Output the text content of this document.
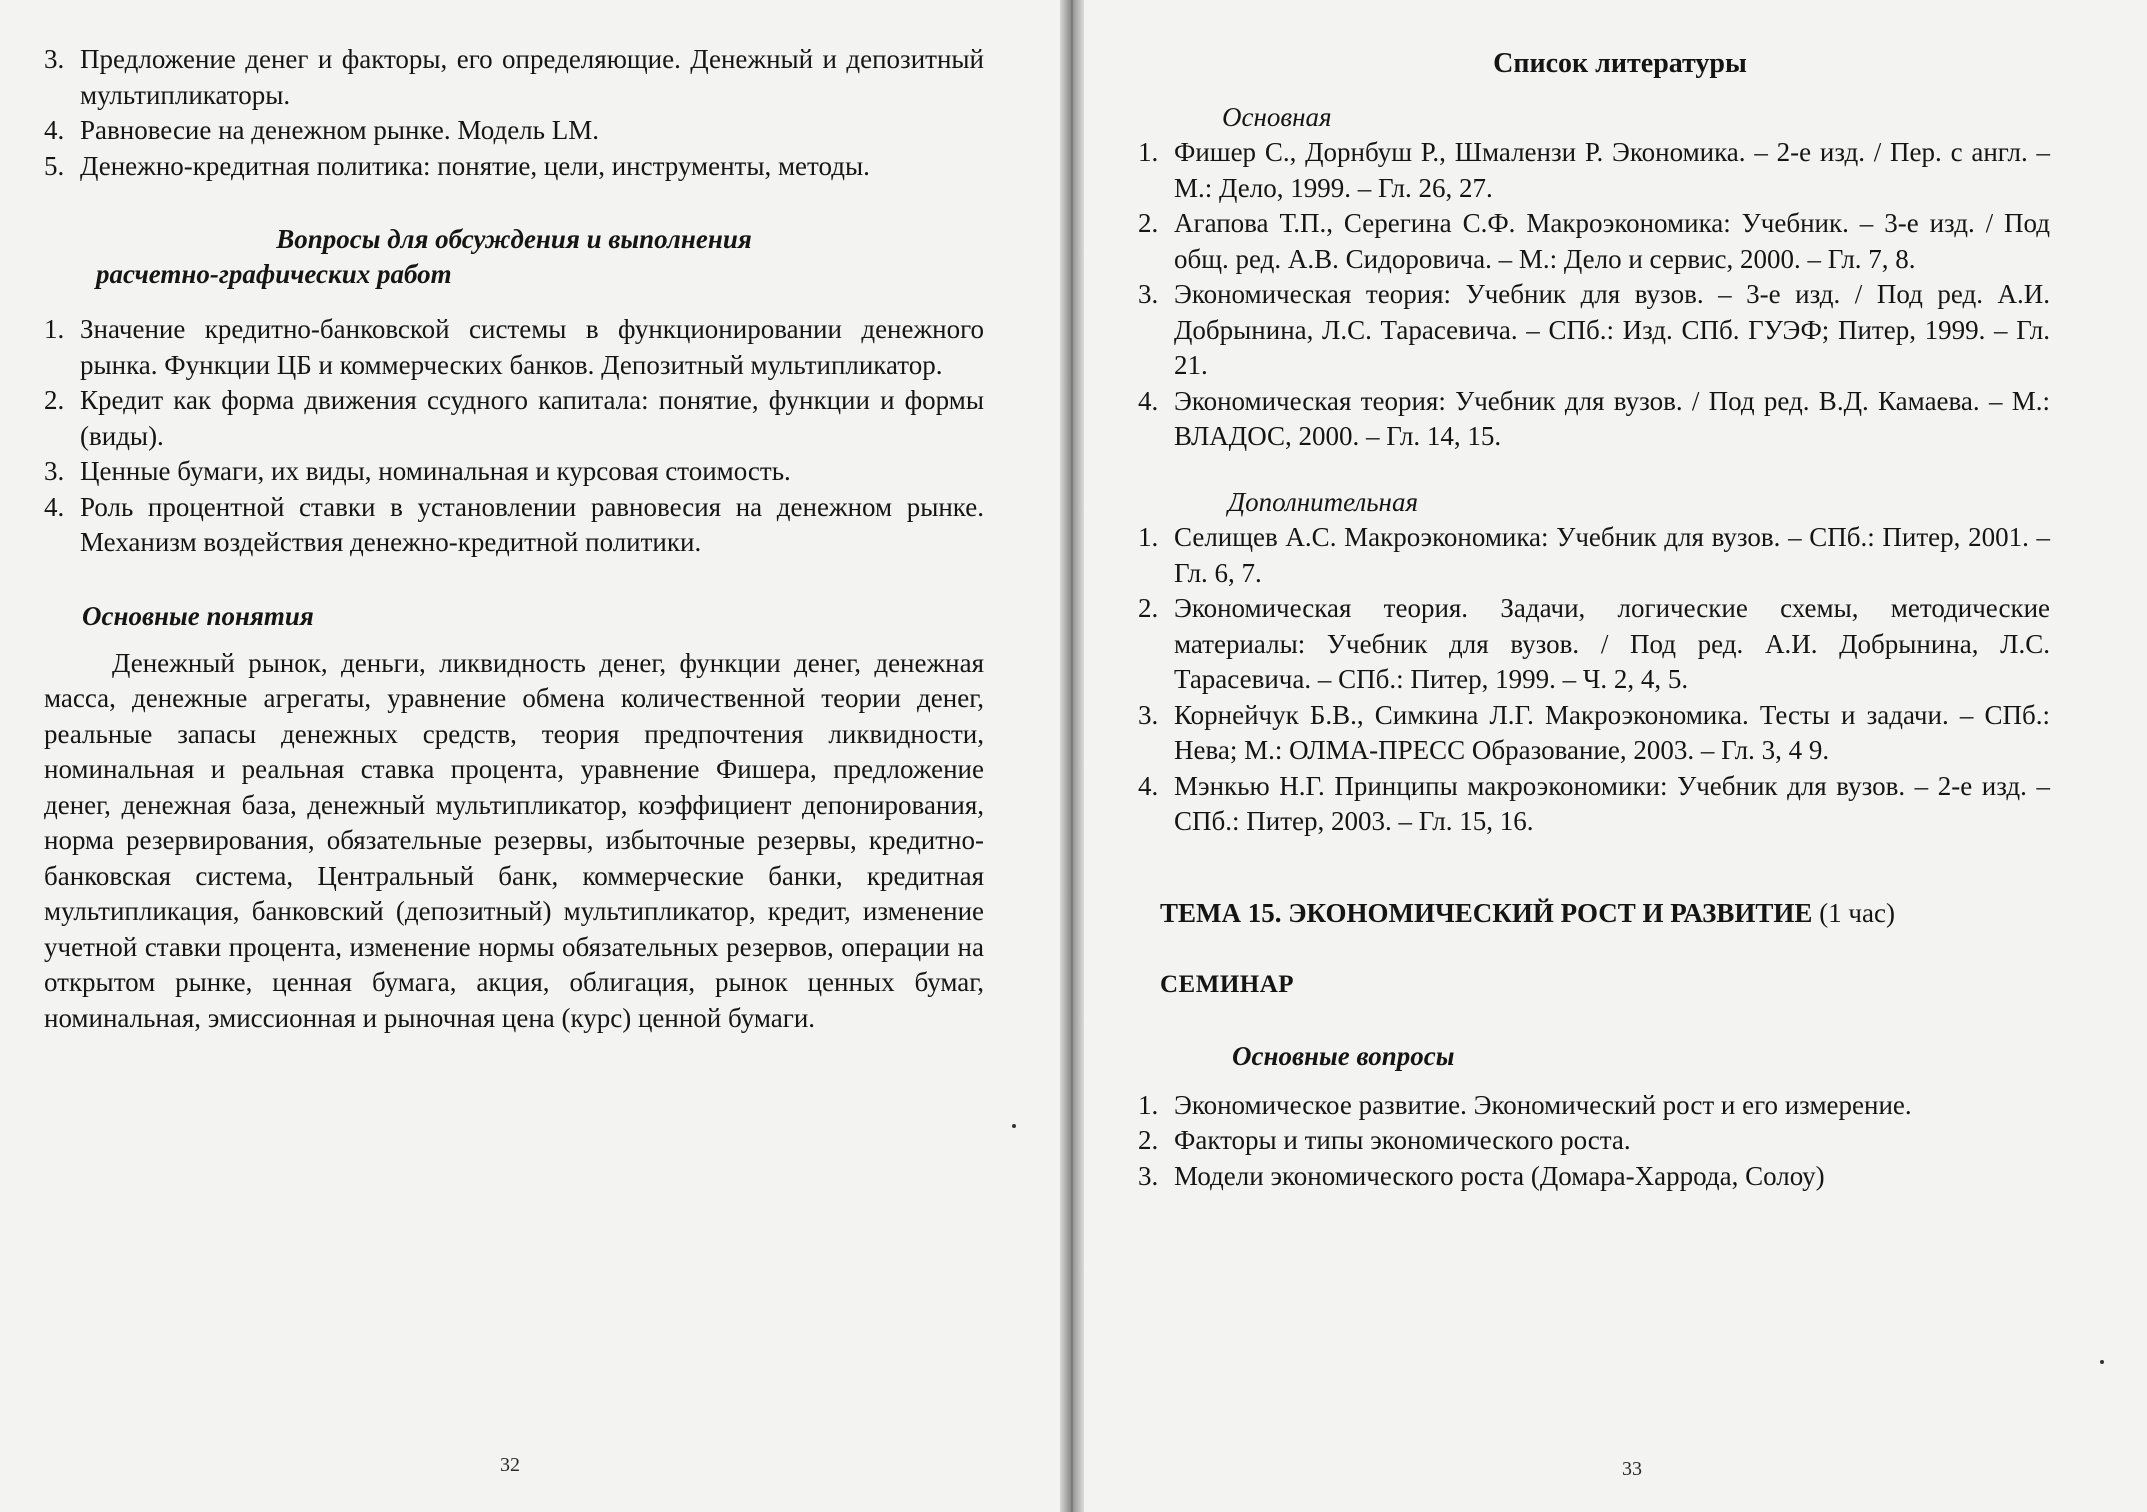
3. Предложение денег и факторы, его определяющие. Денежный и депозитный мультипликаторы.
4. Равновесие на денежном рынке. Модель LM.
5. Денежно-кредитная политика: понятие, цели, инструменты, методы.
Вопросы для обсуждения и выполнения
расчетно-графических работ
1. Значение кредитно-банковской системы в функционировании денежного рынка. Функции ЦБ и коммерческих банков. Депозитный мультипликатор.
2. Кредит как форма движения ссудного капитала: понятие, функции и формы (виды).
3. Ценные бумаги, их виды, номинальная и курсовая стоимость.
4. Роль процентной ставки в установлении равновесия на денежном рынке. Механизм воздействия денежно-кредитной политики.
Основные понятия
Денежный рынок, деньги, ликвидность денег, функции денег, денежная масса, денежные агрегаты, уравнение обмена количественной теории денег, реальные запасы денежных средств, теория предпочтения ликвидности, номинальная и реальная ставка процента, уравнение Фишера, предложение денег, денежная база, денежный мультипликатор, коэффициент депонирования, норма резервирования, обязательные резервы, избыточные резервы, кредитно-банковская система, Центральный банк, коммерческие банки, кредитная мультипликация, банковский (депозитный) мультипликатор, кредит, изменение учетной ставки процента, изменение нормы обязательных резервов, операции на открытом рынке, ценная бумага, акция, облигация, рынок ценных бумаг, номинальная, эмиссионная и рыночная цена (курс) ценной бумаги.
32
Список литературы
Основная
1. Фишер С., Дорнбуш Р., Шмалензи Р. Экономика. – 2-е изд. / Пер. с англ. – М.: Дело, 1999. – Гл. 26, 27.
2. Агапова Т.П., Серегина С.Ф. Макроэкономика: Учебник. – 3-е изд. / Под общ. ред. А.В. Сидоровича. – М.: Дело и сервис, 2000. – Гл. 7, 8.
3. Экономическая теория: Учебник для вузов. – 3-е изд. / Под ред. А.И. Добрынина, Л.С. Тарасевича. – СПб.: Изд. СПб. ГУЭФ; Питер, 1999. – Гл. 21.
4. Экономическая теория: Учебник для вузов. / Под ред. В.Д. Камаева. – М.: ВЛАДОС, 2000. – Гл. 14, 15.
Дополнительная
1. Селищев А.С. Макроэкономика: Учебник для вузов. – СПб.: Питер, 2001. – Гл. 6, 7.
2. Экономическая теория. Задачи, логические схемы, методические материалы: Учебник для вузов. / Под ред. А.И. Добрынина, Л.С. Тарасевича. – СПб.: Питер, 1999. – Ч. 2, 4, 5.
3. Корнейчук Б.В., Симкина Л.Г. Макроэкономика. Тесты и задачи. – СПб.: Нева; М.: ОЛМА-ПРЕСС Образование, 2003. – Гл. 3, 4 9.
4. Мэнкью Н.Г. Принципы макроэкономики: Учебник для вузов. – 2-е изд. – СПб.: Питер, 2003. – Гл. 15, 16.
ТЕМА 15. ЭКОНОМИЧЕСКИЙ РОСТ И РАЗВИТИЕ (1 час)
СЕМИНАР
Основные вопросы
1. Экономическое развитие. Экономический рост и его измерение.
2. Факторы и типы экономического роста.
3. Модели экономического роста (Домара-Харрода, Солоу)
33
